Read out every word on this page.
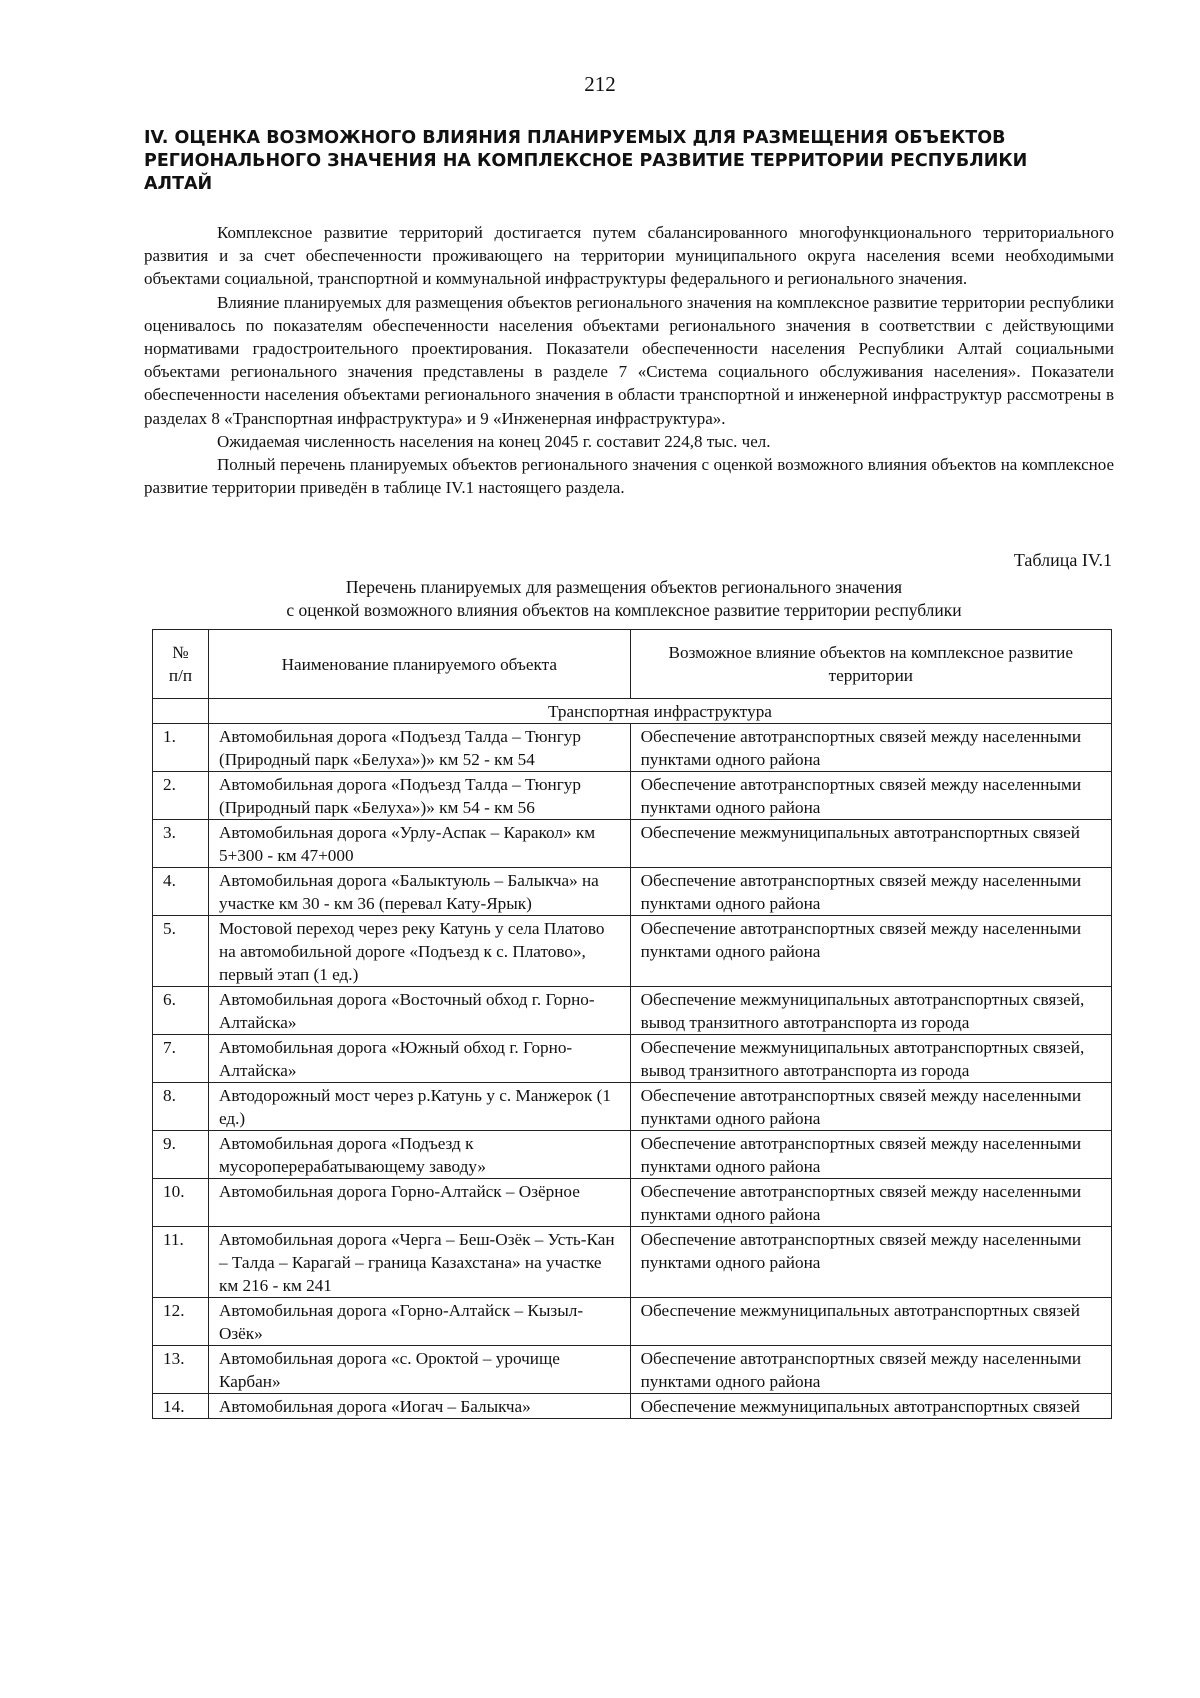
212
IV. ОЦЕНКА ВОЗМОЖНОГО ВЛИЯНИЯ ПЛАНИРУЕМЫХ ДЛЯ РАЗМЕЩЕНИЯ ОБЪЕКТОВ РЕГИОНАЛЬНОГО ЗНАЧЕНИЯ НА КОМПЛЕКСНОЕ РАЗВИТИЕ ТЕРРИТОРИИ РЕСПУБЛИКИ АЛТАЙ

Комплексное развитие территорий достигается путем сбалансированного многофункционального территориального развития и за счет обеспеченности проживающего на территории муниципального округа населения всеми необходимыми объектами социальной, транспортной и коммунальной инфраструктуры федерального и регионального значения.

Влияние планируемых для размещения объектов регионального значения на комплексное развитие территории республики оценивалось по показателям обеспеченности населения объектами регионального значения в соответствии с действующими нормативами градостроительного проектирования. Показатели обеспеченности населения Республики Алтай социальными объектами регионального значения представлены в разделе 7 «Система социального обслуживания населения». Показатели обеспеченности населения объектами регионального значения в области транспортной и инженерной инфраструктур рассмотрены в разделах 8 «Транспортная инфраструктура» и 9 «Инженерная инфраструктура».

Ожидаемая численность населения на конец 2045 г. составит 224,8 тыс. чел.

Полный перечень планируемых объектов регионального значения с оценкой возможного влияния объектов на комплексное развитие территории приведён в таблице IV.1 настоящего раздела.

Таблица IV.1
Перечень планируемых для размещения объектов регионального значения
с оценкой возможного влияния объектов на комплексное развитие территории республики
№
п/п	Наименование планируемого объекта	Возможное влияние объектов на комплексное развитие территории
	Транспортная инфраструктура	
1.	Автомобильная дорога «Подъезд Талда – Тюнгур (Природный парк «Белуха»)» км 52 - км 54	Обеспечение автотранспортных связей между населенными пунктами одного района
2.	Автомобильная дорога «Подъезд Талда – Тюнгур (Природный парк «Белуха»)» км 54 - км 56	Обеспечение автотранспортных связей между населенными пунктами одного района
3.	Автомобильная дорога «Урлу-Аспак – Каракол» км 5+300 - км 47+000	Обеспечение межмуниципальных автотранспортных связей
4.	Автомобильная дорога «Балыктуюль – Балыкча» на участке км 30 - км 36 (перевал Кату-Ярык)	Обеспечение автотранспортных связей между населенными пунктами одного района
5.	Мостовой переход через реку Катунь у села Платово на автомобильной дороге «Подъезд к с. Платово», первый этап (1 ед.)	Обеспечение автотранспортных связей между населенными пунктами одного района
6.	Автомобильная дорога «Восточный обход г. Горно-Алтайска»	Обеспечение межмуниципальных автотранспортных связей, вывод транзитного автотранспорта из города
7.	Автомобильная дорога «Южный обход г. Горно-Алтайска»	Обеспечение межмуниципальных автотранспортных связей, вывод транзитного автотранспорта из города
8.	Автодорожный мост через р.Катунь у с. Манжерок (1 ед.)	Обеспечение автотранспортных связей между населенными пунктами одного района
9.	Автомобильная дорога «Подъезд к мусороперерабатывающему заводу»	Обеспечение автотранспортных связей между населенными пунктами одного района
10.	Автомобильная дорога Горно-Алтайск – Озёрное	Обеспечение автотранспортных связей между населенными пунктами одного района
11.	Автомобильная дорога «Черга – Беш-Озёк – Усть-Кан – Талда – Карагай – граница Казахстана» на участке км 216 - км 241	Обеспечение автотранспортных связей между населенными пунктами одного района
12.	Автомобильная дорога «Горно-Алтайск – Кызыл-Озёк»	Обеспечение межмуниципальных автотранспортных связей
13.	Автомобильная дорога «с. Ороктой – урочище Карбан»	Обеспечение автотранспортных связей между населенными пунктами одного района
14.	Автомобильная дорога «Иогач – Балыкча»	Обеспечение межмуниципальных автотранспортных связей
